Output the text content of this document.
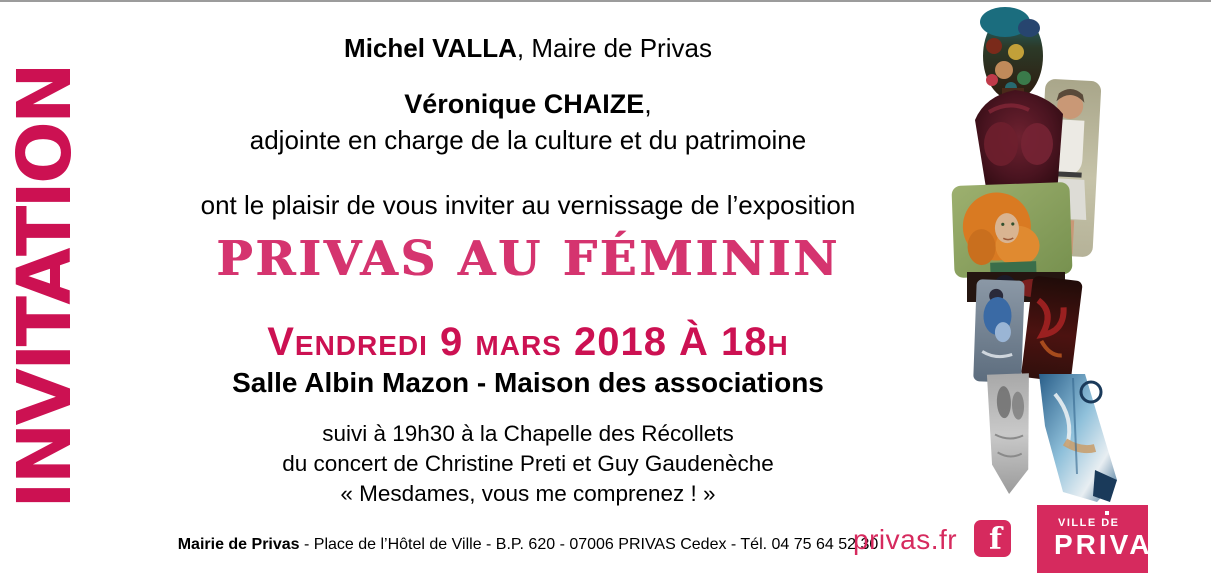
INVITATION
Michel VALLA, Maire de Privas
Véronique CHAIZE,
adjointe en charge de la culture et du patrimoine
ont le plaisir de vous inviter au vernissage de l’exposition
PRIVAS AU FÉMININ
Vendredi 9 mars 2018 À 18h
Salle Albin Mazon - Maison des associations
suivi à 19h30 à la Chapelle des Récollets
du concert de Christine Preti et Guy Gaudenèche
« Mesdames, vous me comprenez ! »
Mairie de Privas - Place de l’Hôtel de Ville - B.P. 620 - 07006 PRIVAS Cedex - Tél. 04 75 64 52 30
privas.fr f	VILLE DE
PRIVAS
